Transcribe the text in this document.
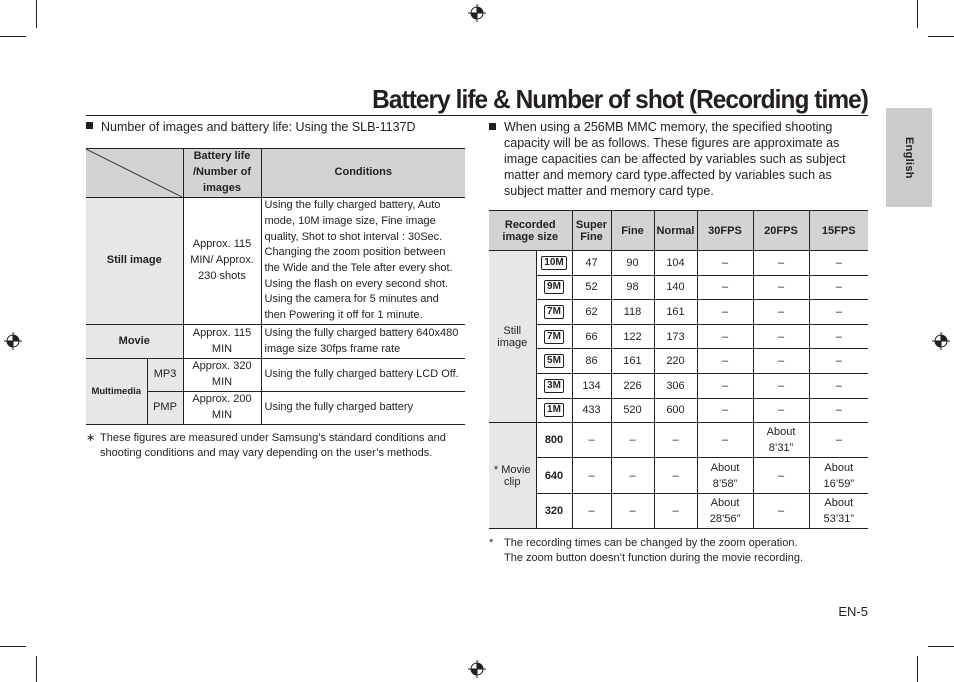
Battery life & Number of shot (Recording time)
English
Number of images and battery life: Using the SLB-1137D
	Battery life /Number of images	Conditions
Still image		Approx. 115 MIN/ Approx. 230 shots	Using the fully charged battery, Auto mode, 10M image size, Fine image quality, Shot to shot interval : 30Sec. Changing the zoom position between the Wide and the Tele after every shot. Using the flash on every second shot. Using the camera for 5 minutes and then Powering it off for 1 minute.
Movie		Approx. 115 MIN	Using the fully charged battery 640x480 image size 30fps frame rate
Multimedia	MP3	Approx. 320 MIN	Using the fully charged battery LCD Off.
	PMP	Approx. 200 MIN	Using the fully charged battery
∗ These figures are measured under Samsung’s standard conditions and shooting conditions and may vary depending on the user’s methods.
When using a 256MB MMC memory, the specified shooting capacity will be as follows. These figures are approximate as image capacities can be affected by variables such as subject matter and memory card type.affected by variables such as subject matter and memory card type.
Recorded image size		Super Fine	Fine	Normal	30FPS	20FPS	15FPS
Still image	10M	47	90	104	–	–	–
	9M	52	98	140	–	–	–
	7M	62	118	161	–	–	–
	7M	66	122	173	–	–	–
	5M	86	161	220	–	–	–
	3M	134	226	306	–	–	–
	1M	433	520	600	–	–	–
* Movie clip	800	–	–	–	–	About 8’31”	–
	640	–	–	–	About 8’58”	–	About 16’59”
	320	–	–	–	About 28’56”	–	About 53’31”
* The recording times can be changed by the zoom operation.
The zoom button doesn’t function during the movie recording.
EN-5
